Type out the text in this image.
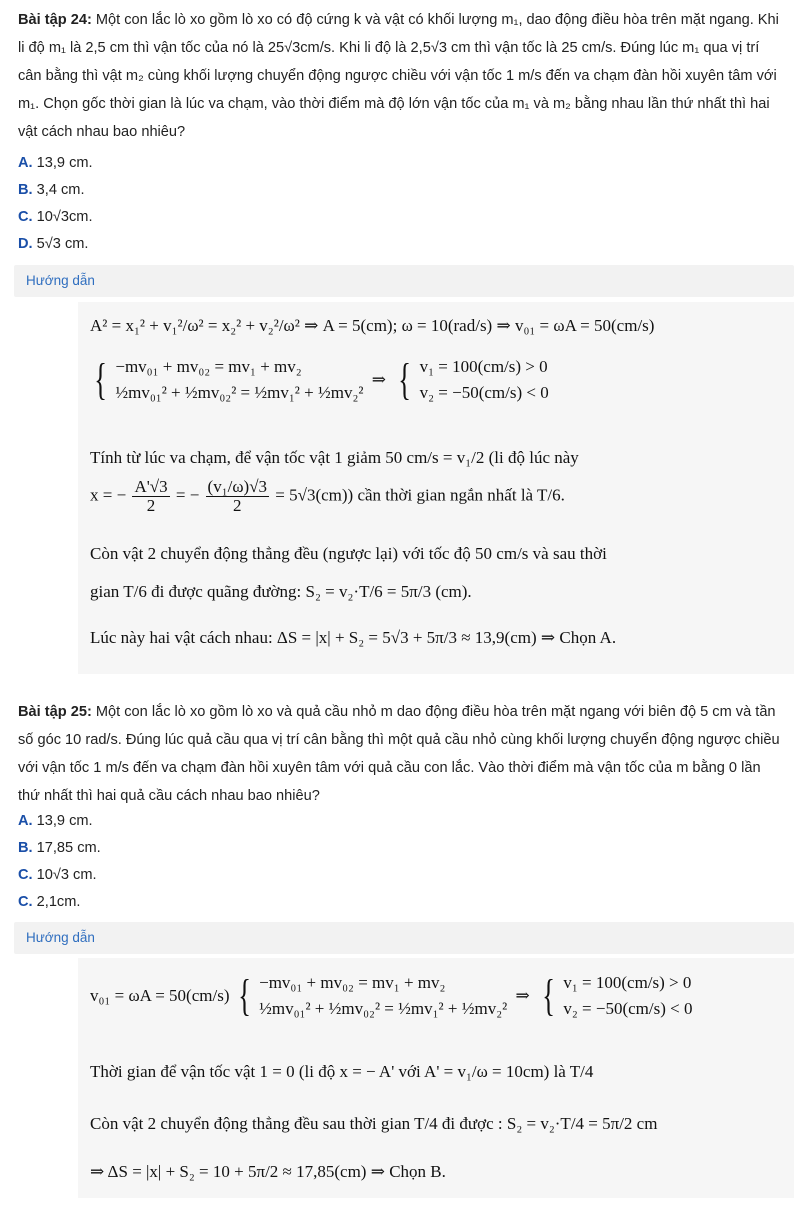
Bài tập 24: Một con lắc lò xo gồm lò xo có độ cứng k và vật có khối lượng m₁, dao động điều hòa trên mặt ngang. Khi li độ m₁ là 2,5 cm thì vận tốc của nó là 25√3cm/s. Khi li độ là 2,5√3 cm thì vận tốc là 25 cm/s. Đúng lúc m₁ qua vị trí cân bằng thì vật m₂ cùng khối lượng chuyển động ngược chiều với vận tốc 1 m/s đến va chạm đàn hồi xuyên tâm với m₁. Chọn gốc thời gian là lúc va chạm, vào thời điểm mà độ lớn vận tốc của m₁ và m₂ bằng nhau lần thứ nhất thì hai vật cách nhau bao nhiêu?
A. 13,9 cm.
B. 3,4 cm.
C. 10√3cm.
D. 5√3 cm.
Hướng dẫn
A² = x₁² + v₁²/ω² = x₂² + v₂²/ω² ⇒ A = 5(cm); ω = 10(rad/s) ⇒ v₀₁ = ωA = 50(cm/s)
{ −mv₀₁ + mv₀₂ = mv₁ + mv₂
½mv₀₁² + ½mv₀₂² = ½mv₁² + ½mv₂²
⇒ { v₁ = 100(cm/s) > 0
v₂ = −50(cm/s) < 0
Tính từ lúc va chạm, để vận tốc vật 1 giảm 50 cm/s = v₁/2 (li độ lúc này
x = − $\frac{A'√3}{2}$ = − $\frac{\text{(v₁/ω)√3}}{2} = 5√3(cm)$) cần thời gian ngắn nhất là T/6.
Còn vật 2 chuyển động thẳng đều (ngược lại) với tốc độ 50 cm/s và sau thời
gian T/6 đi được quãng đường: S₂ = v₂·T/6 = 5π/3 (cm).
Lúc này hai vật cách nhau: ΔS = |x| + S₂ = 5√3 + 5π/3 ≈ 13,9(cm) ⇒ Chọn A.
Bài tập 25: Một con lắc lò xo gồm lò xo và quả cầu nhỏ m dao động điều hòa trên mặt ngang với biên độ 5 cm và tần số góc 10 rad/s. Đúng lúc quả cầu qua vị trí cân bằng thì một quả cầu nhỏ cùng khối lượng chuyển động ngược chiều với vận tốc 1 m/s đến va chạm đàn hồi xuyên tâm với quả cầu con lắc. Vào thời điểm mà vận tốc của m bằng 0 lần thứ nhất thì hai quả cầu cách nhau bao nhiêu?
A. 13,9 cm.
B. 17,85 cm.
C. 10√3 cm.
C. 2,1cm.
Hướng dẫn
v₀₁ = ωA = 50(cm/s) { −mv₀₁ + mv₀₂ = mv₁ + mv₂
½mv₀₁² + ½mv₀₂² = ½mv₁² + ½mv₂²
⇒ { v₁ = 100(cm/s) > 0
v₂ = −50(cm/s) < 0
Thời gian để vận tốc vật 1 = 0 (li độ x = − A' với A' = v₁/ω = 10cm) là T/4
Còn vật 2 chuyển động thẳng đều sau thời gian T/4 đi được : S₂ = v₂·T/4 = 5π/2 cm
⇒ ΔS = |x| + S₂ = 10 + 5π/2 ≈ 17,85(cm) ⇒ Chọn B.
